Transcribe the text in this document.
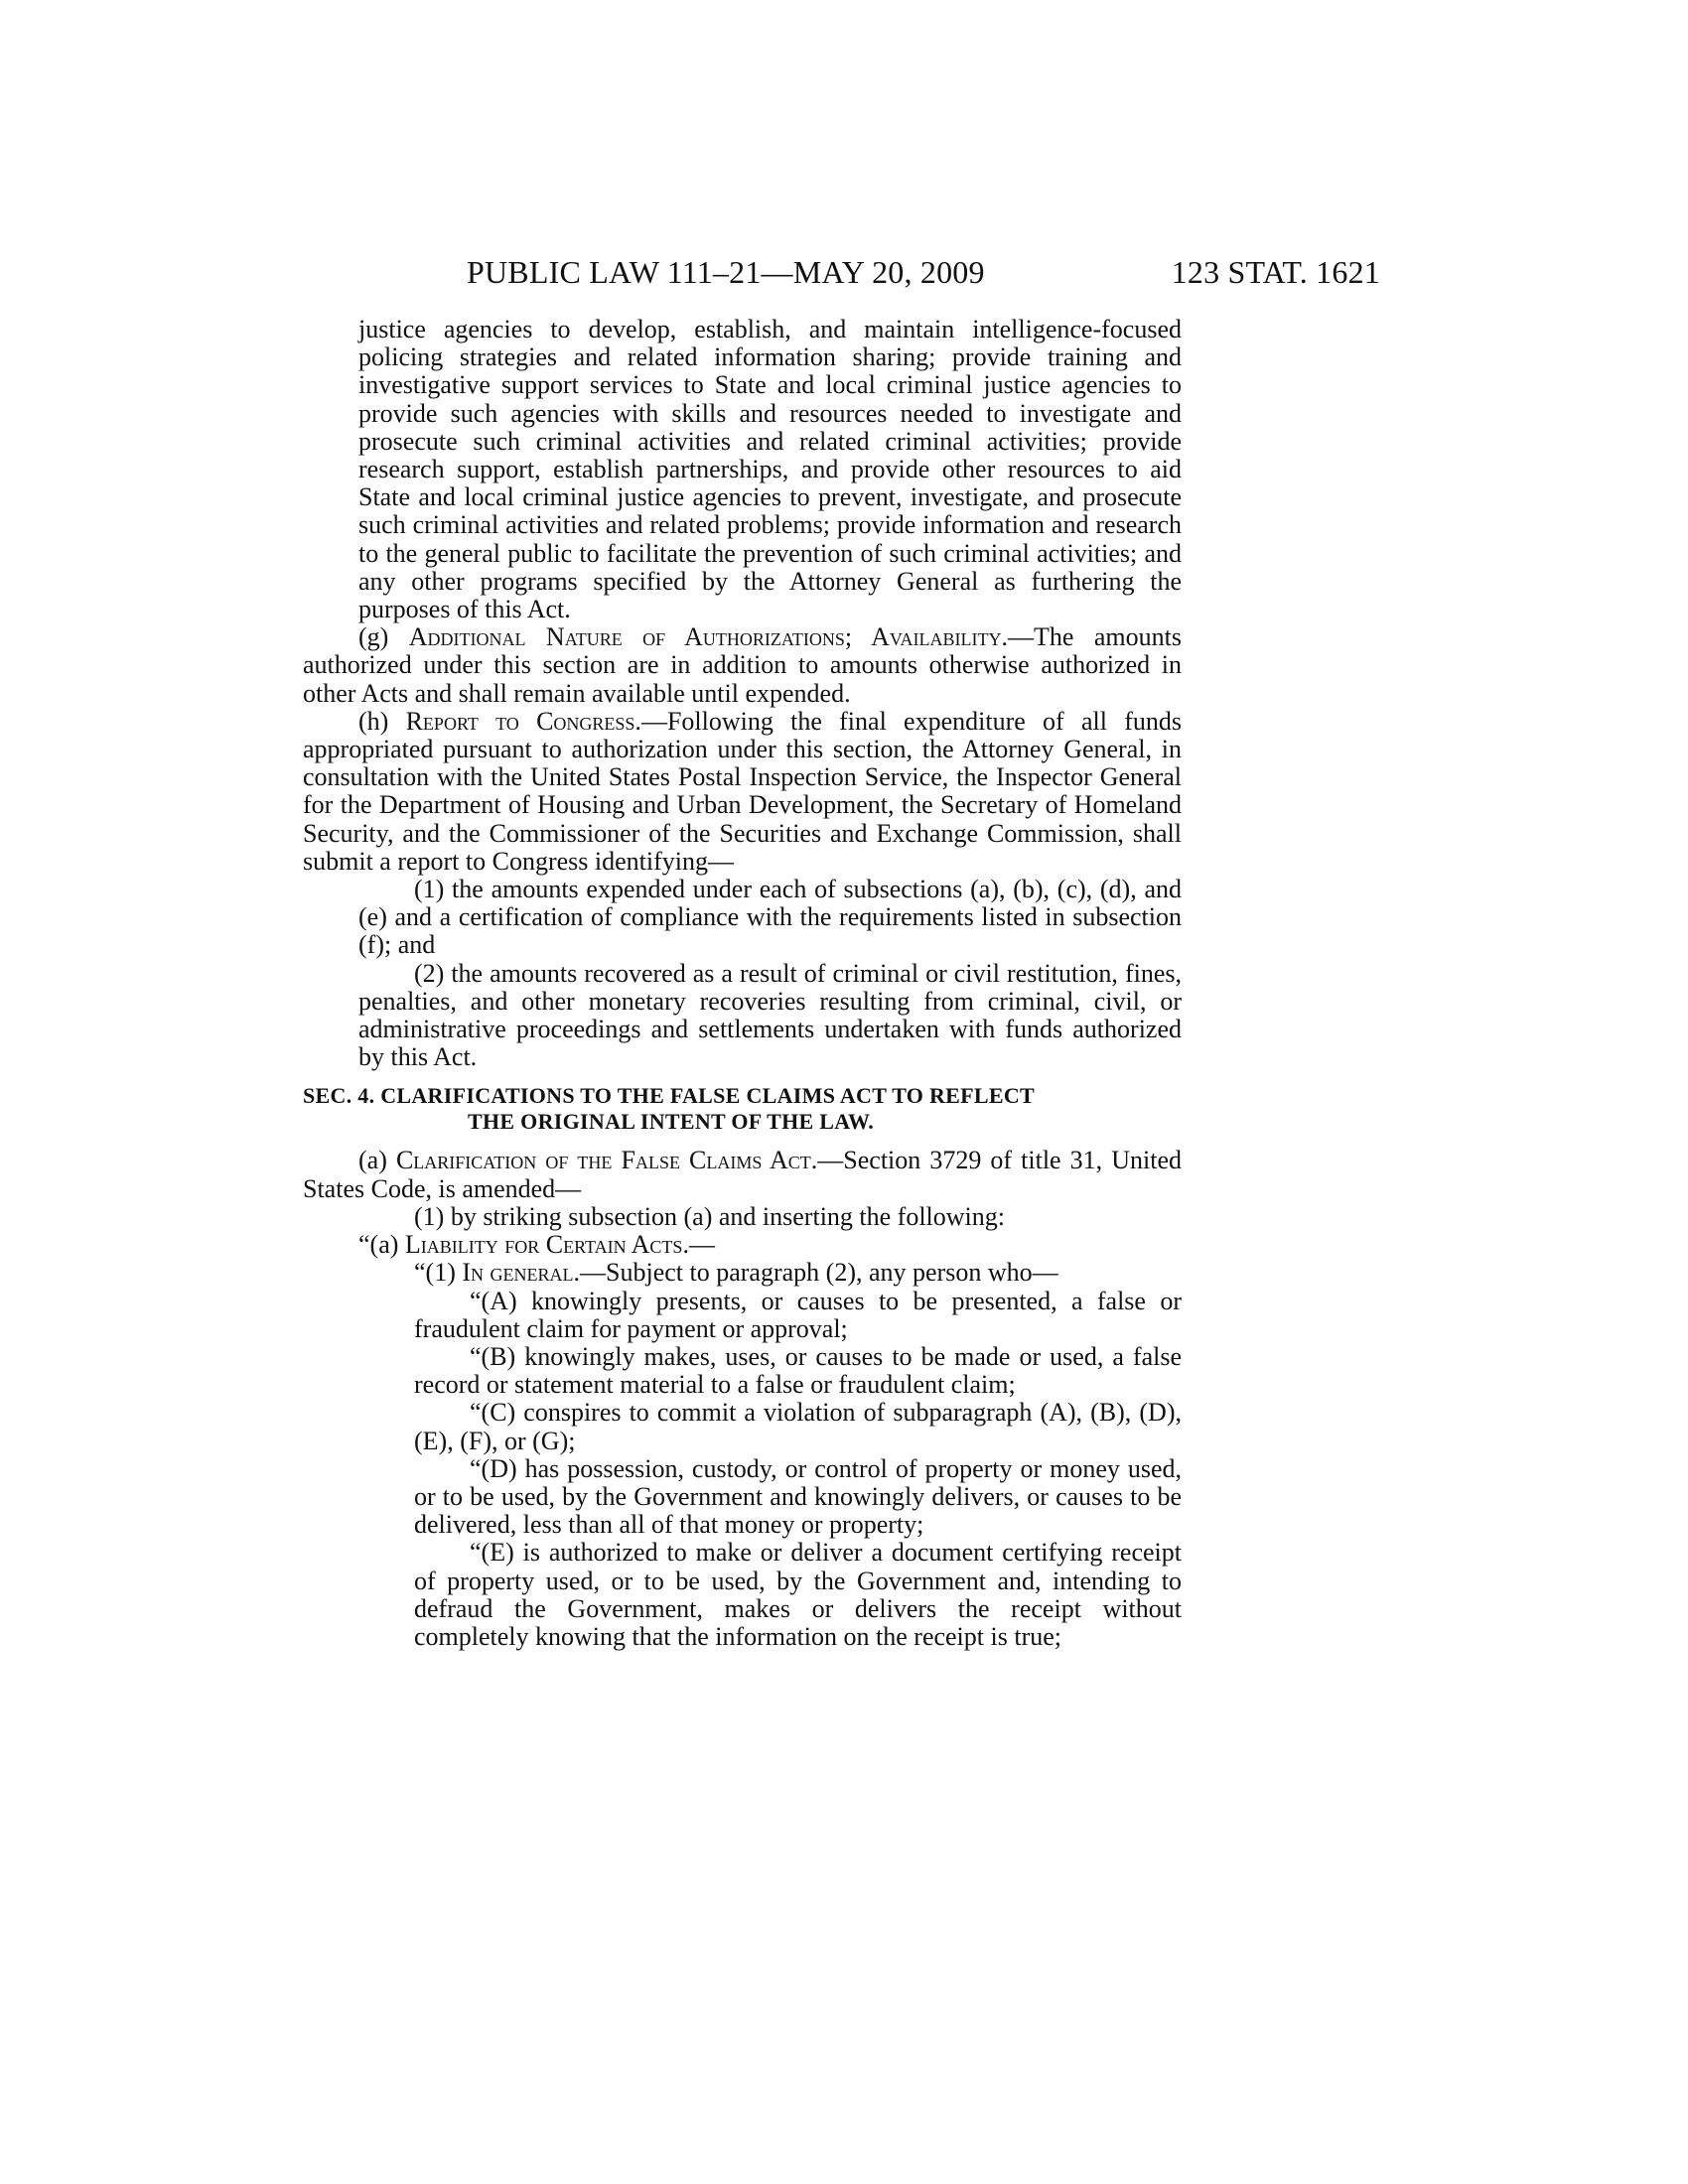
PUBLIC LAW 111–21—MAY 20, 2009	123 STAT. 1621

justice agencies to develop, establish, and maintain intelligence-focused policing strategies and related information sharing; provide training and investigative support services to State and local criminal justice agencies to provide such agencies with skills and resources needed to investigate and prosecute such criminal activities and related criminal activities; provide research support, establish partnerships, and provide other resources to aid State and local criminal justice agencies to prevent, investigate, and prosecute such criminal activities and related problems; provide information and research to the general public to facilitate the prevention of such criminal activities; and any other programs specified by the Attorney General as furthering the purposes of this Act.

(g) Additional Nature of Authorizations; Availability.—The amounts authorized under this section are in addition to amounts otherwise authorized in other Acts and shall remain available until expended.

(h) Report to Congress.—Following the final expenditure of all funds appropriated pursuant to authorization under this section, the Attorney General, in consultation with the United States Postal Inspection Service, the Inspector General for the Department of Housing and Urban Development, the Secretary of Homeland Security, and the Commissioner of the Securities and Exchange Commission, shall submit a report to Congress identifying—

(1) the amounts expended under each of subsections (a), (b), (c), (d), and (e) and a certification of compliance with the requirements listed in subsection (f); and

(2) the amounts recovered as a result of criminal or civil restitution, fines, penalties, and other monetary recoveries resulting from criminal, civil, or administrative proceedings and settlements undertaken with funds authorized by this Act.

SEC. 4. CLARIFICATIONS TO THE FALSE CLAIMS ACT TO REFLECT
THE ORIGINAL INTENT OF THE LAW.

(a) Clarification of the False Claims Act.—Section 3729 of title 31, United States Code, is amended—

(1) by striking subsection (a) and inserting the following:

“(a) Liability for Certain Acts.—

“(1) In general.—Subject to paragraph (2), any person who—

“(A) knowingly presents, or causes to be presented, a false or fraudulent claim for payment or approval;

“(B) knowingly makes, uses, or causes to be made or used, a false record or statement material to a false or fraudulent claim;

“(C) conspires to commit a violation of subparagraph (A), (B), (D), (E), (F), or (G);

“(D) has possession, custody, or control of property or money used, or to be used, by the Government and knowingly delivers, or causes to be delivered, less than all of that money or property;

“(E) is authorized to make or deliver a document certifying receipt of property used, or to be used, by the Government and, intending to defraud the Government, makes or delivers the receipt without completely knowing that the information on the receipt is true;
